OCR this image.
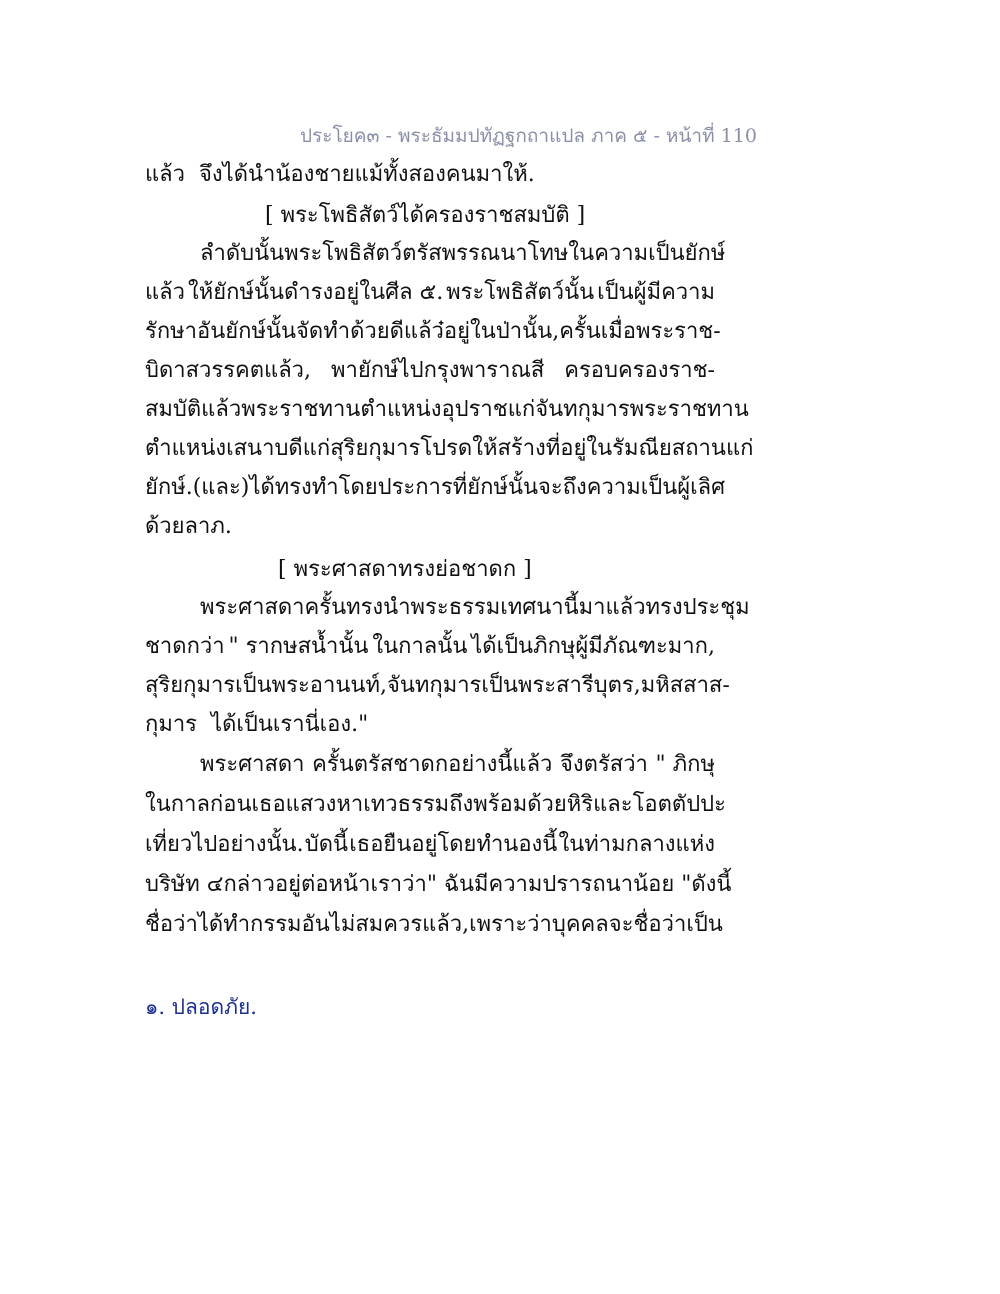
ประโยค๓ - พระธัมมปทัฏฐกถาแปล ภาค ๕ - หน้าที่ 110
แล้ว จึงได้นำน้องชายแม้ทั้งสองคนมาให้.
[ พระโพธิสัตว์ได้ครองราชสมบัติ ]
ลำดับนั้น พระโพธิสัตว์ตรัสพรรณนาโทษในความเป็นยักษ์
แล้ว ให้ยักษ์นั้นดำรงอยู่ในศีล ๕. พระโพธิสัตว์นั้น เป็นผู้มีความ
รักษาอันยักษ์นั้นจัดทำด้วยดีแล้ว๋ อยู่ในป่านั้น, ครั้นเมื่อพระราช-
บิดาสวรรคตแล้ว, พายักษ์ไปกรุงพาราณสี ครอบครองราช-
สมบัติแล้ว พระราชทานตำแหน่งอุปราชแก่จันทกุมาร พระราชทาน
ตำแหน่งเสนาบดีแก่สุริยกุมาร โปรดให้สร้างที่อยู่ในรัมณียสถานแก่
ยักษ์. (และ) ได้ทรงทำโดยประการที่ยักษ์นั้นจะถึงความเป็นผู้เลิศ
ด้วยลาภ.
[ พระศาสดาทรงย่อชาดก ]
พระศาสดา ครั้นทรงนำพระธรรมเทศนานี้มาแล้ว ทรงประชุม
ชาดกว่า " รากษสน้ำนั้น ในกาลนั้น ได้เป็นภิกษุผู้มีภัณฑะมาก,
สุริยกุมาร เป็นพระอานนท์, จันทกุมาร เป็นพระสารีบุตร, มหิสสาส-
กุมาร ได้เป็นเรานี่เอง."
พระศาสดา ครั้นตรัสชาดกอย่างนี้แล้ว จึงตรัสว่า " ภิกษุ
ในกาลก่อน เธอแสวงหาเทวธรรม ถึงพร้อมด้วยหิริและโอตตัปปะ
เที่ยวไปอย่างนั้น. บัดนี้ เธอยืนอยู่โดยทำนองนี้ ในท่ามกลางแห่ง
บริษัท ๔ กล่าวอยู่ต่อหน้าเราว่า " ฉันมีความปรารถนาน้อย " ดังนี้
ชื่อว่าได้ทำกรรมอันไม่สมควรแล้ว, เพราะว่า บุคคลจะชื่อว่าเป็น
๑. ปลอดภัย.
